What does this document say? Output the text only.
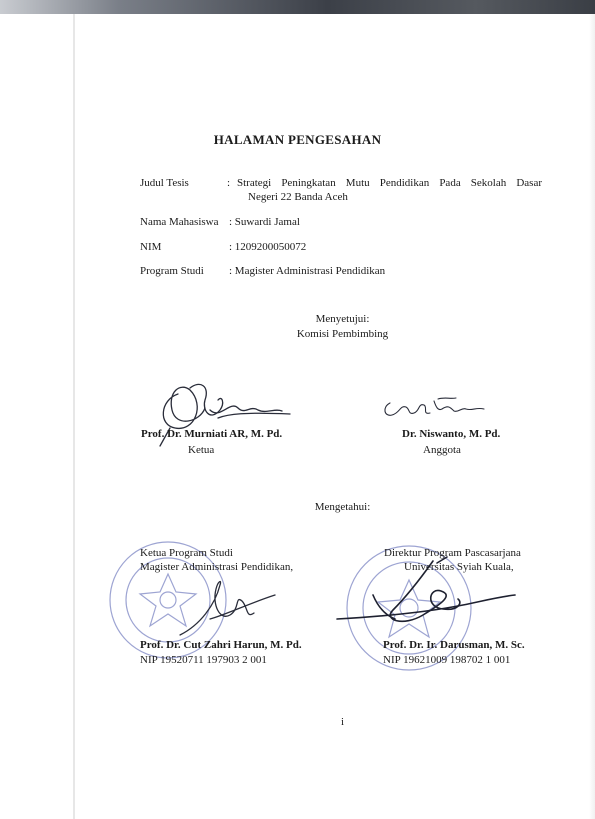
HALAMAN PENGESAHAN
Judul Tesis	: Strategi Peningkatan Mutu Pendidikan Pada Sekolah Dasar
Negeri 22 Banda Aceh
Nama Mahasiswa : Suwardi Jamal
NIM	: 1209200050072
Program Studi : Magister Administrasi Pendidikan
Menyetujui:
Komisi Pembimbing
Prof. Dr. Murniati AR, M. Pd.
Ketua
Dr. Niswanto, M. Pd.
Anggota
Mengetahui:
Ketua Program Studi
Magister Administrasi Pendidikan,
Prof. Dr. Cut Zahri Harun, M. Pd.
NIP 19520711 197903 2 001
Direktur Program Pascasarjana
Universitas Syiah Kuala,
Prof. Dr. Ir. Darusman, M. Sc.
NIP 19621009 198702 1 001
i
